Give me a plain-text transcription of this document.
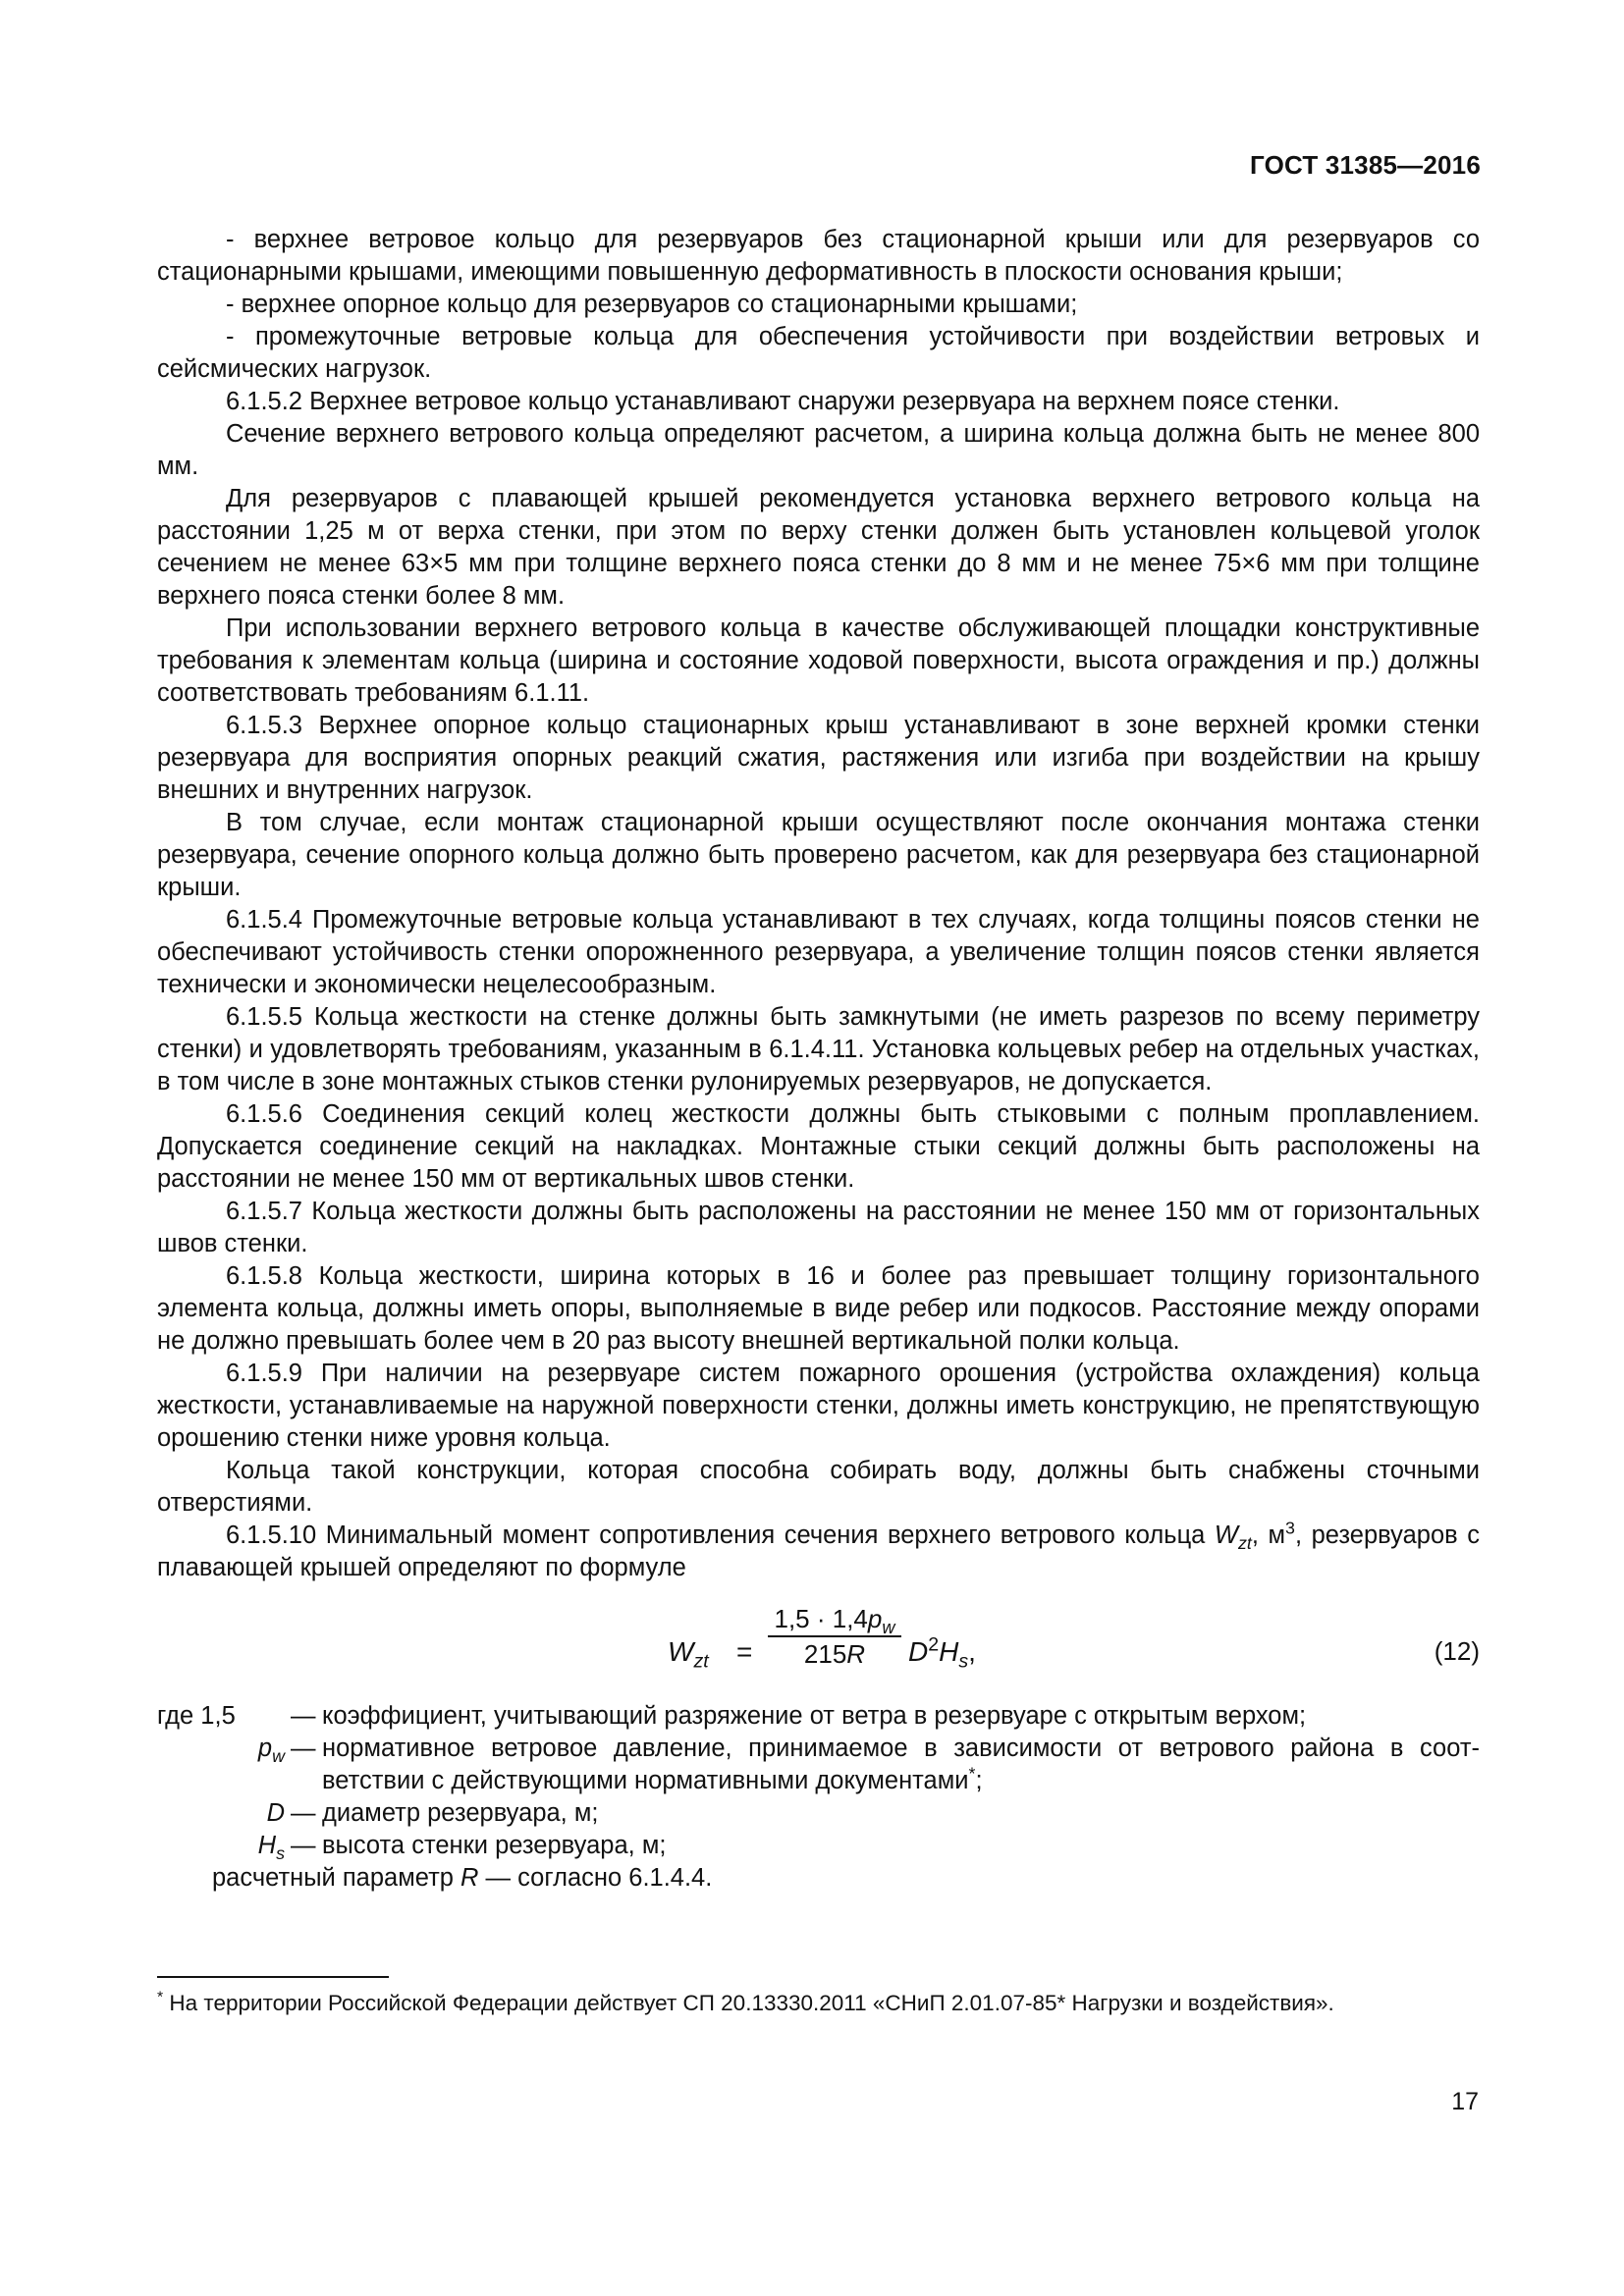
ГОСТ 31385—2016

- верхнее ветровое кольцо для резервуаров без стационарной крыши или для резервуаров со стационарными крышами, имеющими повышенную деформативность в плоскости основания крыши;

- верхнее опорное кольцо для резервуаров со стационарными крышами;

- промежуточные ветровые кольца для обеспечения устойчивости при воздействии ветровых и сейсмических нагрузок.

6.1.5.2 Верхнее ветровое кольцо устанавливают снаружи резервуара на верхнем поясе стенки.

Сечение верхнего ветрового кольца определяют расчетом, а ширина кольца должна быть не менее 800 мм.

Для резервуаров с плавающей крышей рекомендуется установка верхнего ветрового кольца на расстоянии 1,25 м от верха стенки, при этом по верху стенки должен быть установлен кольцевой уголок сечением не менее 63×5 мм при толщине верхнего пояса стенки до 8 мм и не менее 75×6 мм при толщине верхнего пояса стенки более 8 мм.

При использовании верхнего ветрового кольца в качестве обслуживающей площадки конструктивные требования к элементам кольца (ширина и состояние ходовой поверхности, высота ограждения и пр.) должны соответствовать требованиям 6.1.11.

6.1.5.3 Верхнее опорное кольцо стационарных крыш устанавливают в зоне верхней кромки стенки резервуара для восприятия опорных реакций сжатия, растяжения или изгиба при воздействии на крышу внешних и внутренних нагрузок.

В том случае, если монтаж стационарной крыши осуществляют после окончания монтажа стенки резервуара, сечение опорного кольца должно быть проверено расчетом, как для резервуара без стационарной крыши.

6.1.5.4 Промежуточные ветровые кольца устанавливают в тех случаях, когда толщины поясов стенки не обеспечивают устойчивость стенки опорожненного резервуара, а увеличение толщин поясов стенки является технически и экономически нецелесообразным.

6.1.5.5 Кольца жесткости на стенке должны быть замкнутыми (не иметь разрезов по всему периметру стенки) и удовлетворять требованиям, указанным в 6.1.4.11. Установка кольцевых ребер на отдельных участках, в том числе в зоне монтажных стыков стенки рулонируемых резервуаров, не допускается.

6.1.5.6 Соединения секций колец жесткости должны быть стыковыми с полным проплавлением. Допускается соединение секций на накладках. Монтажные стыки секций должны быть расположены на расстоянии не менее 150 мм от вертикальных швов стенки.

6.1.5.7 Кольца жесткости должны быть расположены на расстоянии не менее 150 мм от горизонтальных швов стенки.

6.1.5.8 Кольца жесткости, ширина которых в 16 и более раз превышает толщину горизонтального элемента кольца, должны иметь опоры, выполняемые в виде ребер или подкосов. Расстояние между опорами не должно превышать более чем в 20 раз высоту внешней вертикальной полки кольца.

6.1.5.9 При наличии на резервуаре систем пожарного орошения (устройства охлаждения) кольца жесткости, устанавливаемые на наружной поверхности стенки, должны иметь конструкцию, не препятствующую орошению стенки ниже уровня кольца.

Кольца такой конструкции, которая способна собирать воду, должны быть снабжены сточными отверстиями.

6.1.5.10 Минимальный момент сопротивления сечения верхнего ветрового кольца $W_{zt}$, $м^3$, резервуаров с плавающей крышей определяют по формуле

$W_{zt}$ =
$1,5 \cdot 1,4p_w$
215R	$D^2H_s$,	(12)
где 1,5	— коэффициент, учитывающий разряжение от ветра в резервуаре с открытым верхом;
$p_w$ — нормативное ветровое давление, принимаемое в зависимости от ветрового района в соответствии с действующими нормативными документами*;
D — диаметр резервуара, м;
$H_s$ — высота стенки резервуара, м;
расчетный параметр R — согласно 6.1.4.4.
* На территории Российской Федерации действует СП 20.13330.2011 «СНиП 2.01.07-85* Нагрузки и воздействия».
17
